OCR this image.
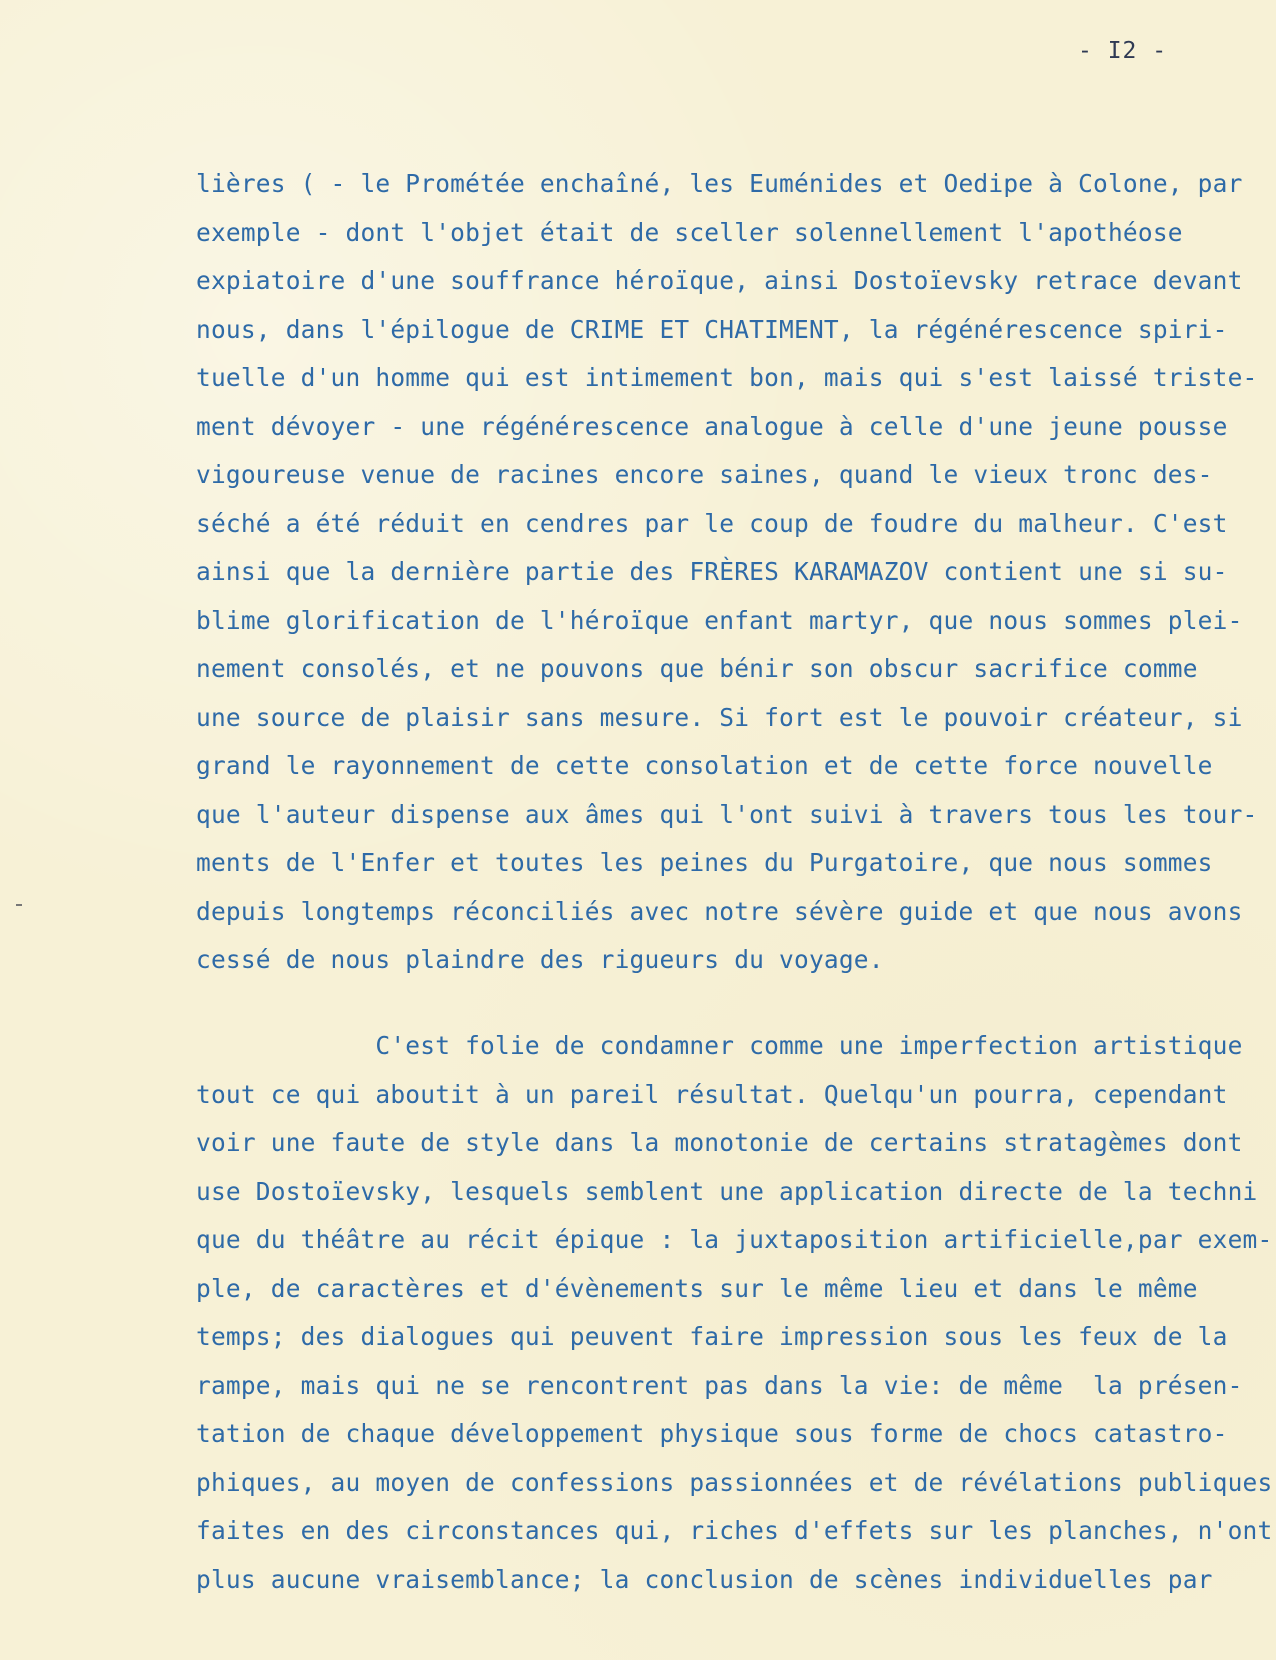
- I2 -
lières ( - le Prométée enchaîné, les Euménides et Oedipe à Colone, par
exemple - dont l'objet était de sceller solennellement l'apothéose
expiatoire d'une souffrance héroïque, ainsi Dostoïevsky retrace devant
nous, dans l'épilogue de CRIME ET CHATIMENT, la régénérescence spiri-
tuelle d'un homme qui est intimement bon, mais qui s'est laissé triste-
ment dévoyer - une régénérescence analogue à celle d'une jeune pousse
vigoureuse venue de racines encore saines, quand le vieux tronc des-
séché a été réduit en cendres par le coup de foudre du malheur. C'est
ainsi que la dernière partie des FRÈRES KARAMAZOV contient une si su-
blime glorification de l'héroïque enfant martyr, que nous sommes plei-
nement consolés, et ne pouvons que bénir son obscur sacrifice comme
une source de plaisir sans mesure. Si fort est le pouvoir créateur, si
grand le rayonnement de cette consolation et de cette force nouvelle
que l'auteur dispense aux âmes qui l'ont suivi à travers tous les tour-
ments de l'Enfer et toutes les peines du Purgatoire, que nous sommes
depuis longtemps réconciliés avec notre sévère guide et que nous avons
cessé de nous plaindre des rigueurs du voyage.
C'est folie de condamner comme une imperfection artistique
tout ce qui aboutit à un pareil résultat. Quelqu'un pourra, cependant
voir une faute de style dans la monotonie de certains stratagèmes dont
use Dostoïevsky, lesquels semblent une application directe de la techni
que du théâtre au récit épique : la juxtaposition artificielle,par exem-
ple, de caractères et d'évènements sur le même lieu et dans le même
temps; des dialogues qui peuvent faire impression sous les feux de la
rampe, mais qui ne se rencontrent pas dans la vie: de même  la présen-
tation de chaque développement physique sous forme de chocs catastro-
phiques, au moyen de confessions passionnées et de révélations publiques
faites en des circonstances qui, riches d'effets sur les planches, n'ont
plus aucune vraisemblance; la conclusion de scènes individuelles par
